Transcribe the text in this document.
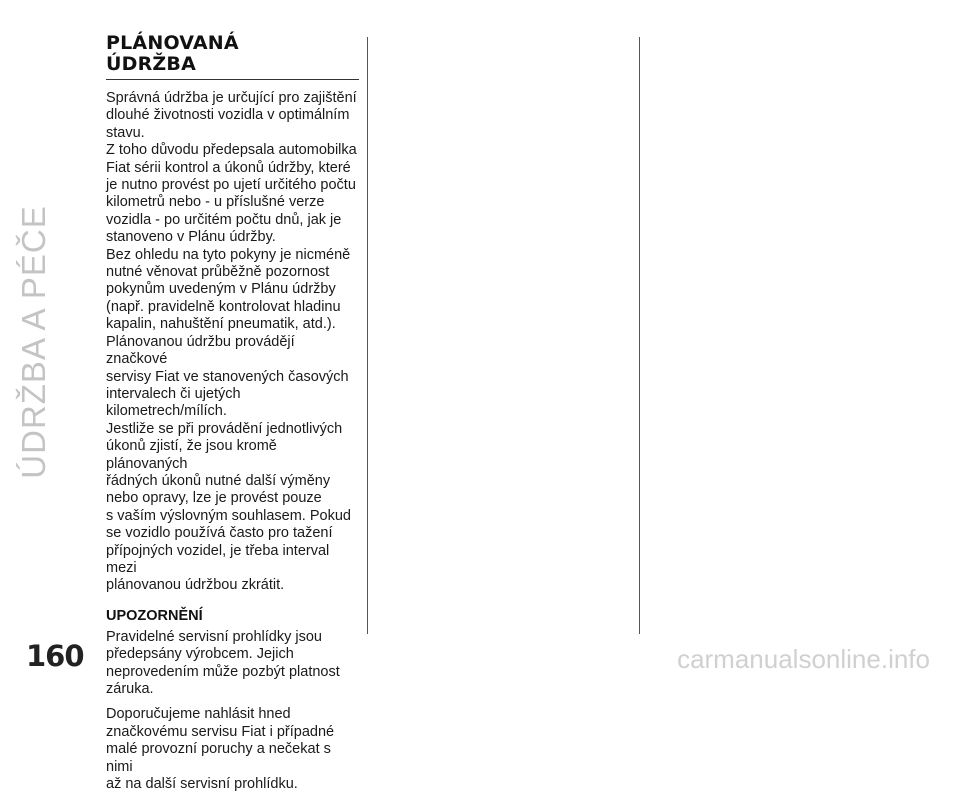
ÚDRŽBA A PÉČE
PLÁNOVANÁ
ÚDRŽBA
Správná údržba je určující pro zajištění
dlouhé životnosti vozidla v optimálním
stavu.
Z toho důvodu předepsala automobilka
Fiat sérii kontrol a úkonů údržby, které
je nutno provést po ujetí určitého počtu
kilometrů nebo - u příslušné verze
vozidla - po určitém počtu dnů, jak je
stanoveno v Plánu údržby.
Bez ohledu na tyto pokyny je nicméně
nutné věnovat průběžně pozornost
pokynům uvedeným v Plánu údržby
(např. pravidelně kontrolovat hladinu
kapalin, nahuštění pneumatik, atd.).
Plánovanou údržbu provádějí značkové
servisy Fiat ve stanovených časových
intervalech či ujetých kilometrech/mílích.
Jestliže se při provádění jednotlivých
úkonů zjistí, že jsou kromě plánovaných
řádných úkonů nutné další výměny
nebo opravy, lze je provést pouze
s vaším výslovným souhlasem. Pokud
se vozidlo používá často pro tažení
přípojných vozidel, je třeba interval mezi
plánovanou údržbou zkrátit.
UPOZORNĚNÍ
Pravidelné servisní prohlídky jsou
předepsány výrobcem. Jejich
neprovedením může pozbýt platnost
záruka.
Doporučujeme nahlásit hned
značkovému servisu Fiat i případné
malé provozní poruchy a nečekat s nimi
až na další servisní prohlídku.
160	carmanualsonline.info
